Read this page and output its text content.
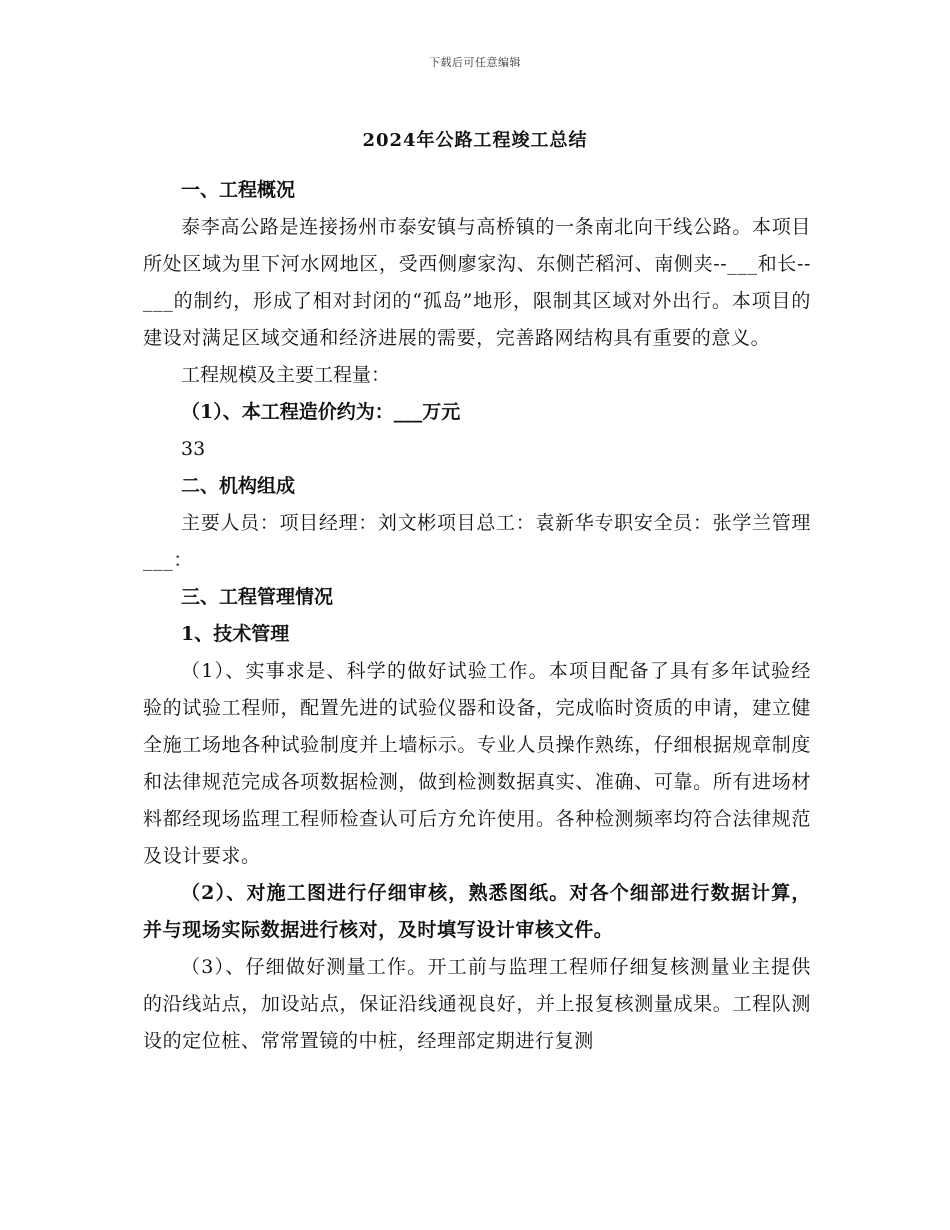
下载后可任意编辑
2024年公路工程竣工总结

一、工程概况

泰李高公路是连接扬州市泰安镇与高桥镇的一条南北向干线公路。本项目所处区域为里下河水网地区，受西侧廖家沟、东侧芒稻河、南侧夹--___和长--___的制约，形成了相对封闭的“孤岛”地形，限制其区域对外出行。本项目的建设对满足区域交通和经济进展的需要，完善路网结构具有重要的意义。

工程规模及主要工程量：

（1）、本工程造价约为：___万元

33

二、机构组成

主要人员：项目经理：刘文彬项目总工：袁新华专职安全员：张学兰管理___：

三、工程管理情况

1、技术管理

（1）、实事求是、科学的做好试验工作。本项目配备了具有多年试验经验的试验工程师，配置先进的试验仪器和设备，完成临时资质的申请，建立健全施工场地各种试验制度并上墙标示。专业人员操作熟练，仔细根据规章制度和法律规范完成各项数据检测，做到检测数据真实、准确、可靠。所有进场材料都经现场监理工程师检查认可后方允许使用。各种检测频率均符合法律规范及设计要求。

（2）、对施工图进行仔细审核，熟悉图纸。对各个细部进行数据计算，并与现场实际数据进行核对，及时填写设计审核文件。

（3）、仔细做好测量工作。开工前与监理工程师仔细复核测量业主提供的沿线站点，加设站点，保证沿线通视良好，并上报复核测量成果。工程队测设的定位桩、常常置镜的中桩，经理部定期进行复测
